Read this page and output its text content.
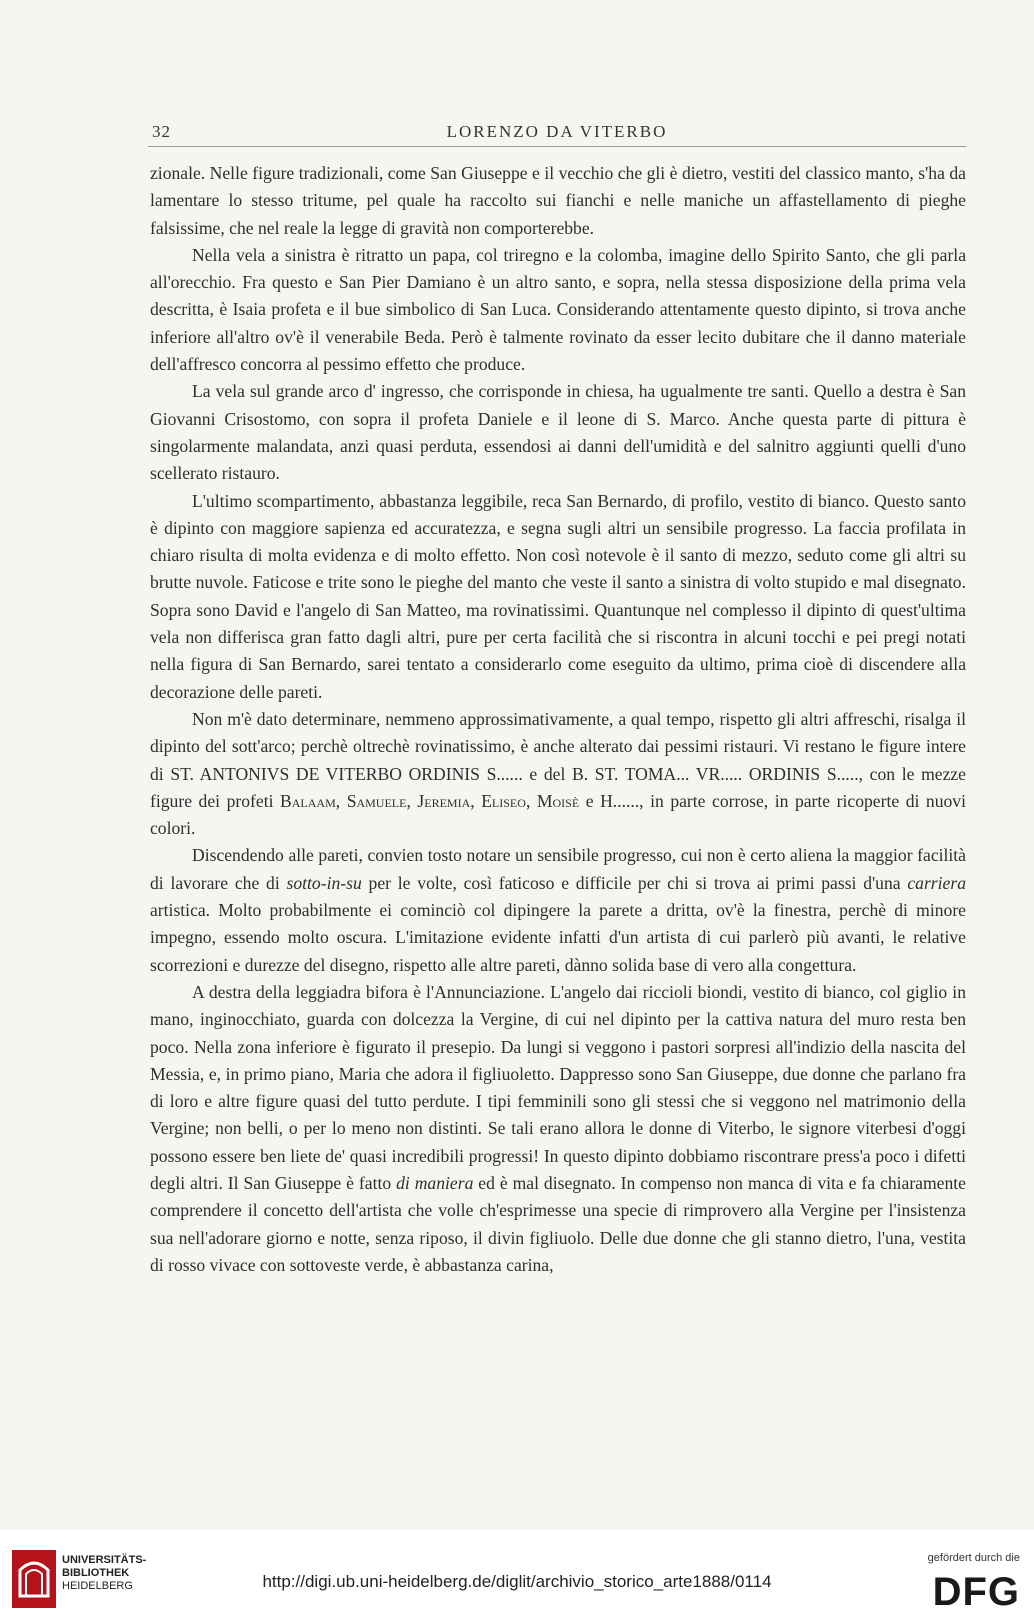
32	LORENZO DA VITERBO

zionale. Nelle figure tradizionali, come San Giuseppe e il vecchio che gli è dietro, vestiti del classico manto, s'ha da lamentare lo stesso tritume, pel quale ha raccolto sui fianchi e nelle maniche un affastellamento di pieghe falsissime, che nel reale la legge di gravità non comporterebbe.

Nella vela a sinistra è ritratto un papa, col triregno e la colomba, imagine dello Spirito Santo, che gli parla all'orecchio. Fra questo e San Pier Damiano è un altro santo, e sopra, nella stessa disposizione della prima vela descritta, è Isaia profeta e il bue simbolico di San Luca. Considerando attentamente questo dipinto, si trova anche inferiore all'altro ov'è il venerabile Beda. Però è talmente rovinato da esser lecito dubitare che il danno materiale dell'affresco concorra al pessimo effetto che produce.

La vela sul grande arco d' ingresso, che corrisponde in chiesa, ha ugualmente tre santi. Quello a destra è San Giovanni Crisostomo, con sopra il profeta Daniele e il leone di S. Marco. Anche questa parte di pittura è singolarmente malandata, anzi quasi perduta, essendosi ai danni dell'umidità e del salnitro aggiunti quelli d'uno scellerato ristauro.

L'ultimo scompartimento, abbastanza leggibile, reca San Bernardo, di profilo, vestito di bianco. Questo santo è dipinto con maggiore sapienza ed accuratezza, e segna sugli altri un sensibile progresso. La faccia profilata in chiaro risulta di molta evidenza e di molto effetto. Non così notevole è il santo di mezzo, seduto come gli altri su brutte nuvole. Faticose e trite sono le pieghe del manto che veste il santo a sinistra di volto stupido e mal disegnato. Sopra sono David e l'angelo di San Matteo, ma rovinatissimi. Quantunque nel complesso il dipinto di quest'ultima vela non differisca gran fatto dagli altri, pure per certa facilità che si riscontra in alcuni tocchi e pei pregi notati nella figura di San Bernardo, sarei tentato a considerarlo come eseguito da ultimo, prima cioè di discendere alla decorazione delle pareti.

Non m'è dato determinare, nemmeno approssimativamente, a qual tempo, rispetto gli altri affreschi, risalga il dipinto del sott'arco; perchè oltrechè rovinatissimo, è anche alterato dai pessimi ristauri. Vi restano le figure intere di ST. ANTONIVS DE VITERBO ORDINIS S...... e del B. ST. TOMA... VR..... ORDINIS S....., con le mezze figure dei profeti Balaam, Samuele, Jeremia, Eliseo, Moisè e H......, in parte corrose, in parte ricoperte di nuovi colori.

Discendendo alle pareti, convien tosto notare un sensibile progresso, cui non è certo aliena la maggior facilità di lavorare che di sotto-in-su per le volte, così faticoso e difficile per chi si trova ai primi passi d'una carriera artistica. Molto probabilmente ei cominciò col dipingere la parete a dritta, ov'è la finestra, perchè di minore impegno, essendo molto oscura. L'imitazione evidente infatti d'un artista di cui parlerò più avanti, le relative scorrezioni e durezze del disegno, rispetto alle altre pareti, dànno solida base di vero alla congettura.

A destra della leggiadra bifora è l'Annunciazione. L'angelo dai riccioli biondi, vestito di bianco, col giglio in mano, inginocchiato, guarda con dolcezza la Vergine, di cui nel dipinto per la cattiva natura del muro resta ben poco. Nella zona inferiore è figurato il presepio. Da lungi si veggono i pastori sorpresi all'indizio della nascita del Messia, e, in primo piano, Maria che adora il figliuoletto. Dappresso sono San Giuseppe, due donne che parlano fra di loro e altre figure quasi del tutto perdute. I tipi femminili sono gli stessi che si veggono nel matrimonio della Vergine; non belli, o per lo meno non distinti. Se tali erano allora le donne di Viterbo, le signore viterbesi d'oggi possono essere ben liete de' quasi incredibili progressi! In questo dipinto dobbiamo riscontrare press'a poco i difetti degli altri. Il San Giuseppe è fatto di maniera ed è mal disegnato. In compenso non manca di vita e fa chiaramente comprendere il concetto dell'artista che volle ch'esprimesse una specie di rimprovero alla Vergine per l'insistenza sua nell'adorare giorno e notte, senza riposo, il divin figliuolo. Delle due donne che gli stanno dietro, l'una, vestita di rosso vivace con sottoveste verde, è abbastanza carina,

UNIVERSITÄTS-
BIBLIOTHEK
HEIDELBERG	http://digi.ub.uni-heidelberg.de/diglit/archivio_storico_arte1888/0114
gefördert durch die
DFG
